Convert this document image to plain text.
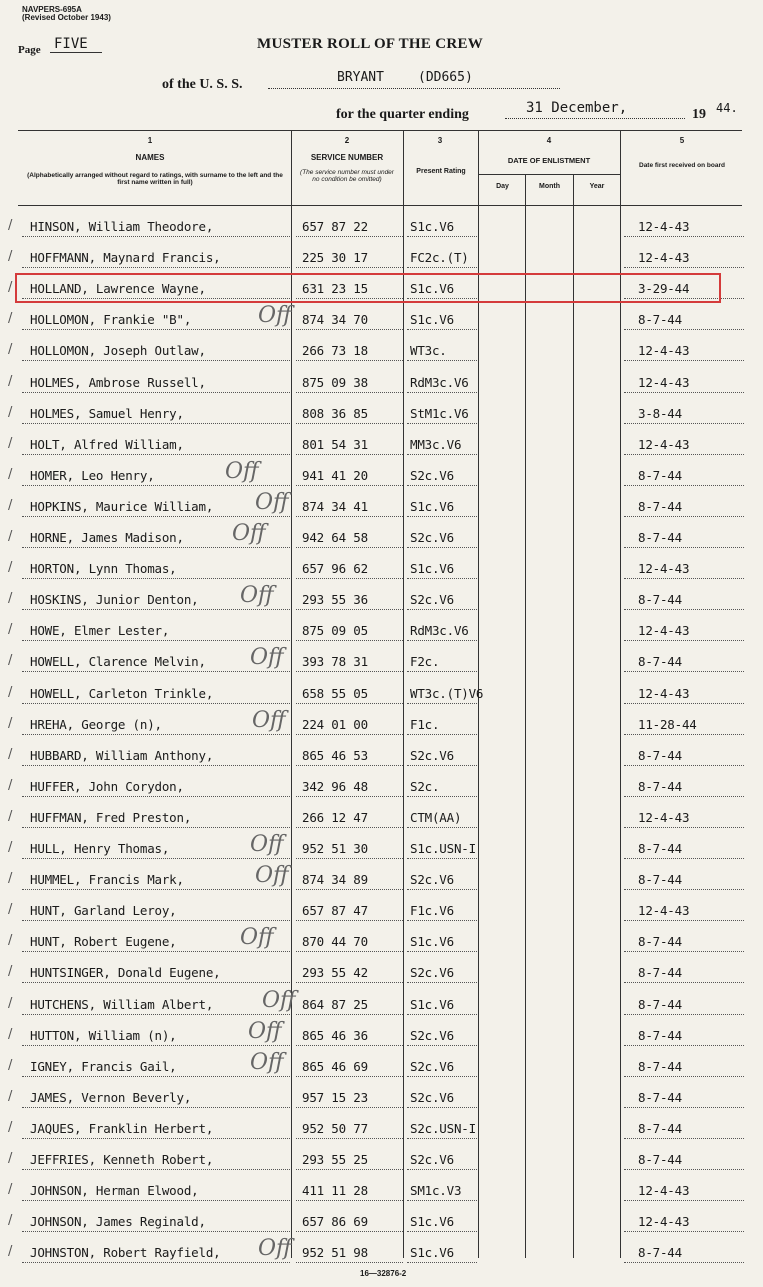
NAVPERS-695A
(Revised October 1943)
Page FIVE	MUSTER ROLL OF THE CREW
of the U. S. S.	BRYANT	(DD665)
for the quarter ending	31 December,	19 44.
1
NAMES
(Alphabetically arranged without regard to ratings, with surname to the left and the first name written in full)
2
SERVICE NUMBER
(The service number must under no condition be omitted)
3
Present Rating
4
DATE OF ENLISTMENT
Day	Month	Year
5
Date first received on board
/ HINSON, William Theodore,	657 87 22	S1c.V6	12-4-43
/ HOFFMANN, Maynard Francis,	225 30 17	FC2c.(T)	12-4-43
/ HOLLAND, Lawrence Wayne,	631 23 15	S1c.V6	3-29-44
/ HOLLOMON, Frankie "B",	874 34 70	S1c.V6	8-7-44
Off
/ HOLLOMON, Joseph Outlaw,	266 73 18	WT3c.	12-4-43
/ HOLMES, Ambrose Russell,	875 09 38	RdM3c.V6	12-4-43
/ HOLMES, Samuel Henry,	808 36 85	StM1c.V6	3-8-44
/ HOLT, Alfred William,	801 54 31	MM3c.V6	12-4-43
/ HOMER, Leo Henry,	941 41 20	S2c.V6	8-7-44
Off
/ HOPKINS, Maurice William,	874 34 41	S1c.V6	8-7-44
Off
/ HORNE, James Madison,	942 64 58	S2c.V6	8-7-44
Off
/ HORTON, Lynn Thomas,	657 96 62	S1c.V6	12-4-43
/ HOSKINS, Junior Denton,	293 55 36	S2c.V6	8-7-44
Off
/ HOWE, Elmer Lester,	875 09 05	RdM3c.V6	12-4-43
/ HOWELL, Clarence Melvin,	393 78 31	F2c.	8-7-44
Off
/ HOWELL, Carleton Trinkle,	658 55 05	WT3c.(T)V6	12-4-43
/ HREHA, George (n),	224 01 00	F1c.	11-28-44
Off
/ HUBBARD, William Anthony,	865 46 53	S2c.V6	8-7-44
/ HUFFER, John Corydon,	342 96 48	S2c.	8-7-44
/ HUFFMAN, Fred Preston,	266 12 47	CTM(AA)	12-4-43
/ HULL, Henry Thomas,	952 51 30	S1c.USN-I	8-7-44
Off
/ HUMMEL, Francis Mark,	874 34 89	S2c.V6	8-7-44
Off
/ HUNT, Garland Leroy,	657 87 47	F1c.V6	12-4-43
/ HUNT, Robert Eugene,	870 44 70	S1c.V6	8-7-44
Off
/ HUNTSINGER, Donald Eugene,	293 55 42	S2c.V6	8-7-44
/ HUTCHENS, William Albert,	864 87 25	S1c.V6	8-7-44
Off
/ HUTTON, William (n),	865 46 36	S2c.V6	8-7-44
Off
/ IGNEY, Francis Gail,	865 46 69	S2c.V6	8-7-44
Off
/ JAMES, Vernon Beverly,	957 15 23	S2c.V6	8-7-44
/ JAQUES, Franklin Herbert,	952 50 77	S2c.USN-I	8-7-44
/ JEFFRIES, Kenneth Robert,	293 55 25	S2c.V6	8-7-44
/ JOHNSON, Herman Elwood,	411 11 28	SM1c.V3	12-4-43
/ JOHNSON, James Reginald,	657 86 69	S1c.V6	12-4-43
/ JOHNSTON, Robert Rayfield,	952 51 98	S1c.V6	8-7-44
Off
16—32876-2
